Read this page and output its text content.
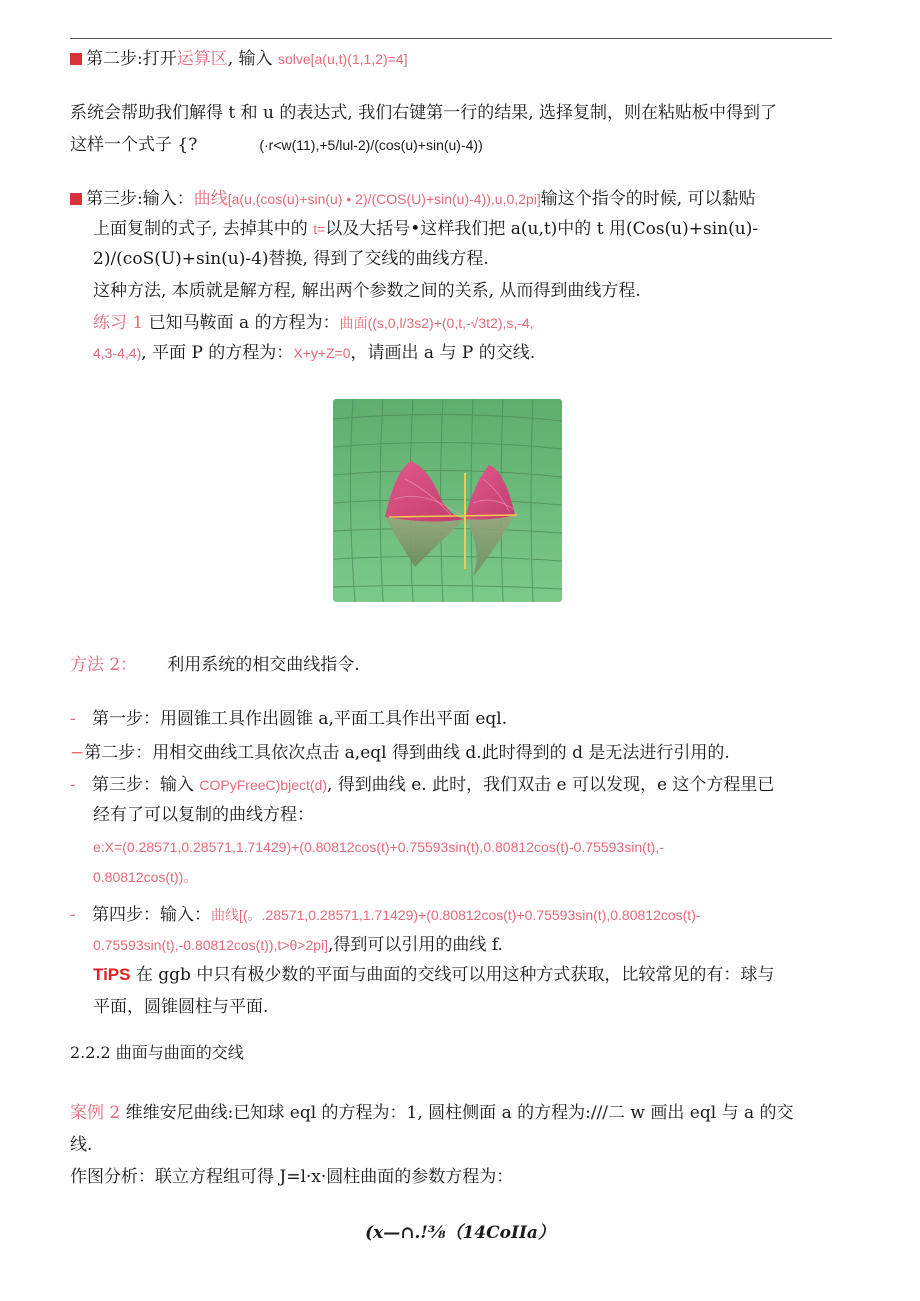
第二步:打开运算区, 输入 solve[a(u,t)(1,1,2)=4]
系统会帮助我们解得 t 和 u 的表达式, 我们右键第一行的结果, 选择复制，则在粘贴板中得到了
这样一个式子 {?	(·r<w(11),+5/lul-2)/(cos(u)+sin(u)-4))
第三步:输入：曲线[a(u,(cos(u)+sin(u) • 2)/(COS(U)+sin(u)-4)),u,0,2pi]输这个指令的时候, 可以黏贴
上面复制的式子, 去掉其中的 t=以及大括号•这样我们把 a(u,t)中的 t 用(Cos(u)+sin(u)-
2)/(coS(U)+sin(u)-4)替换, 得到了交线的曲线方程.
这种方法, 本质就是解方程, 解出两个参数之间的关系, 从而得到曲线方程.
练习 1 已知马鞍面 a 的方程为：曲面((s,0,l/3s2)+(0,t,-√3t2),s,-4,
4,3-4,4), 平面 P 的方程为：X+y+Z=0，请画出 a 与 P 的交线.
方法 2： 利用系统的相交曲线指令.
- 第一步：用圆锥工具作出圆锥 a,平面工具作出平面 eql.
−第二步：用相交曲线工具依次点击 a,eql 得到曲线 d.此时得到的 d 是无法进行引用的.
- 第三步：输入 COPyFreeC)bject(d), 得到曲线 e. 此时，我们双击 e 可以发现，e 这个方程里已
经有了可以复制的曲线方程：
e:X=(0.28571,0.28571,1.71429)+(0.80812cos(t)+0.75593sin(t),0.80812cos(t)-0.75593sin(t),-
0.80812cos(t))。
- 第四步：输入：曲线[(。.28571,0.28571,1.71429)+(0.80812cos(t)+0.75593sin(t),0.80812cos(t)-
0.75593sin(t),-0.80812cos(t)),t>θ>2pi],得到可以引用的曲线 f.
TiPS 在 ggb 中只有极少数的平面与曲面的交线可以用这种方式获取，比较常见的有：球与
平面，圆锥圆柱与平面.
2.2.2 曲面与曲面的交线
案例 2 维维安尼曲线:已知球 eql 的方程为：1, 圆柱侧面 a 的方程为:///二 w 画出 eql 与 a 的交
线.
作图分析：联立方程组可得 J=l·x·圆柱曲面的参数方程为：
(x—∩.!⅜（14CoIIa）
